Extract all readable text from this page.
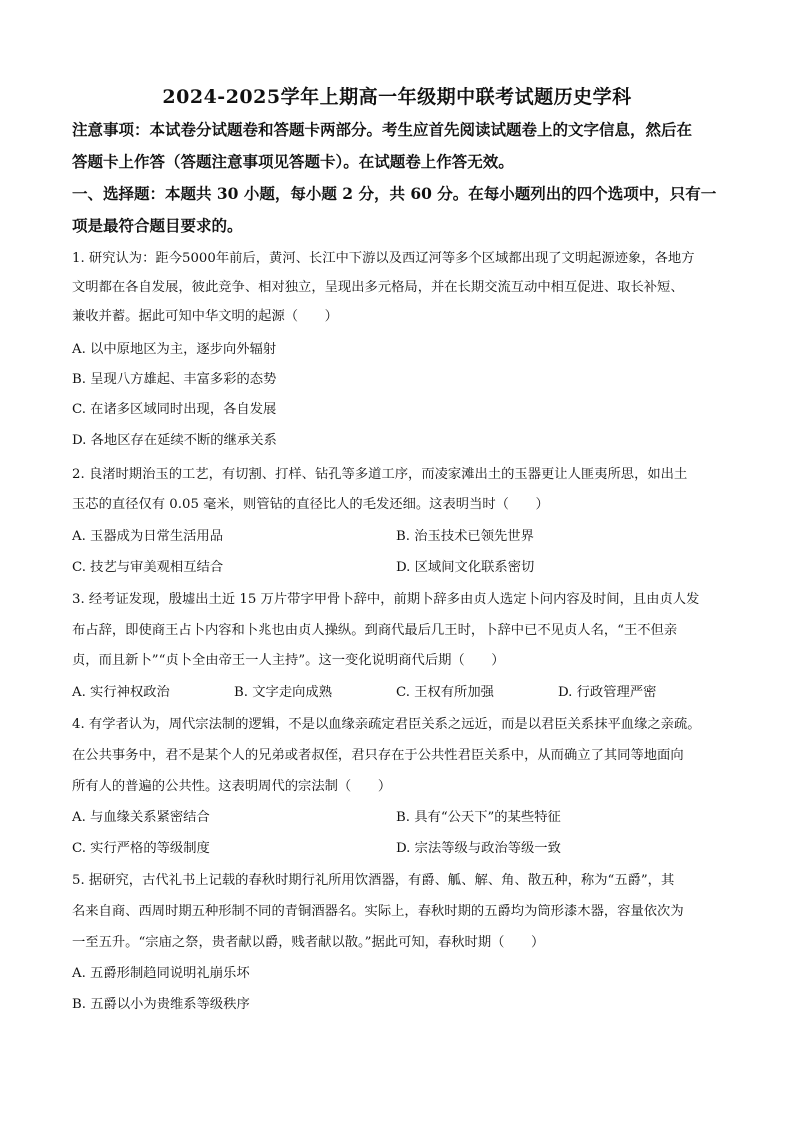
2024-2025学年上期高一年级期中联考试题历史学科
注意事项：本试卷分试题卷和答题卡两部分。考生应首先阅读试题卷上的文字信息，然后在
答题卡上作答（答题注意事项见答题卡）。在试题卷上作答无效。
一、选择题：本题共 30 小题，每小题 2 分，共 60 分。在每小题列出的四个选项中，只有一
项是最符合题目要求的。
1. 研究认为：距今5000年前后，黄河、长江中下游以及西辽河等多个区域都出现了文明起源迹象，各地方
文明都在各自发展，彼此竞争、相对独立，呈现出多元格局，并在长期交流互动中相互促进、取长补短、
兼收并蓄。据此可知中华文明的起源（　　）
A. 以中原地区为主，逐步向外辐射
B. 呈现八方雄起、丰富多彩的态势
C. 在诸多区域同时出现，各自发展
D. 各地区存在延续不断的继承关系
2. 良渚时期治玉的工艺，有切割、打样、钻孔等多道工序，而凌家滩出土的玉器更让人匪夷所思，如出土
玉芯的直径仅有 0.05 毫米，则管钻的直径比人的毛发还细。这表明当时（　　）
A. 玉器成为日常生活用品	B. 治玉技术已领先世界
C. 技艺与审美观相互结合	D. 区域间文化联系密切
3. 经考证发现，殷墟出土近 15 万片带字甲骨卜辞中，前期卜辞多由贞人选定卜问内容及时间，且由贞人发
布占辞，即使商王占卜内容和卜兆也由贞人操纵。到商代最后几王时，卜辞中已不见贞人名，“王不但亲
贞，而且新卜”“贞卜全由帝王一人主持”。这一变化说明商代后期（　　）
A. 实行神权政治	B. 文字走向成熟	C. 王权有所加强	D. 行政管理严密
4. 有学者认为，周代宗法制的逻辑，不是以血缘亲疏定君臣关系之远近，而是以君臣关系抹平血缘之亲疏。
在公共事务中，君不是某个人的兄弟或者叔侄，君只存在于公共性君臣关系中，从而确立了其同等地面向
所有人的普遍的公共性。这表明周代的宗法制（　　）
A. 与血缘关系紧密结合	B. 具有“公天下”的某些特征
C. 实行严格的等级制度	D. 宗法等级与政治等级一致
5. 据研究，古代礼书上记载的春秋时期行礼所用饮酒器，有爵、觚、解、角、散五种，称为“五爵”，其
名来自商、西周时期五种形制不同的青铜酒器名。实际上，春秋时期的五爵均为筒形漆木器，容量依次为
一至五升。“宗庙之祭，贵者献以爵，贱者献以散。”据此可知，春秋时期（　　）
A. 五爵形制趋同说明礼崩乐坏
B. 五爵以小为贵维系等级秩序
